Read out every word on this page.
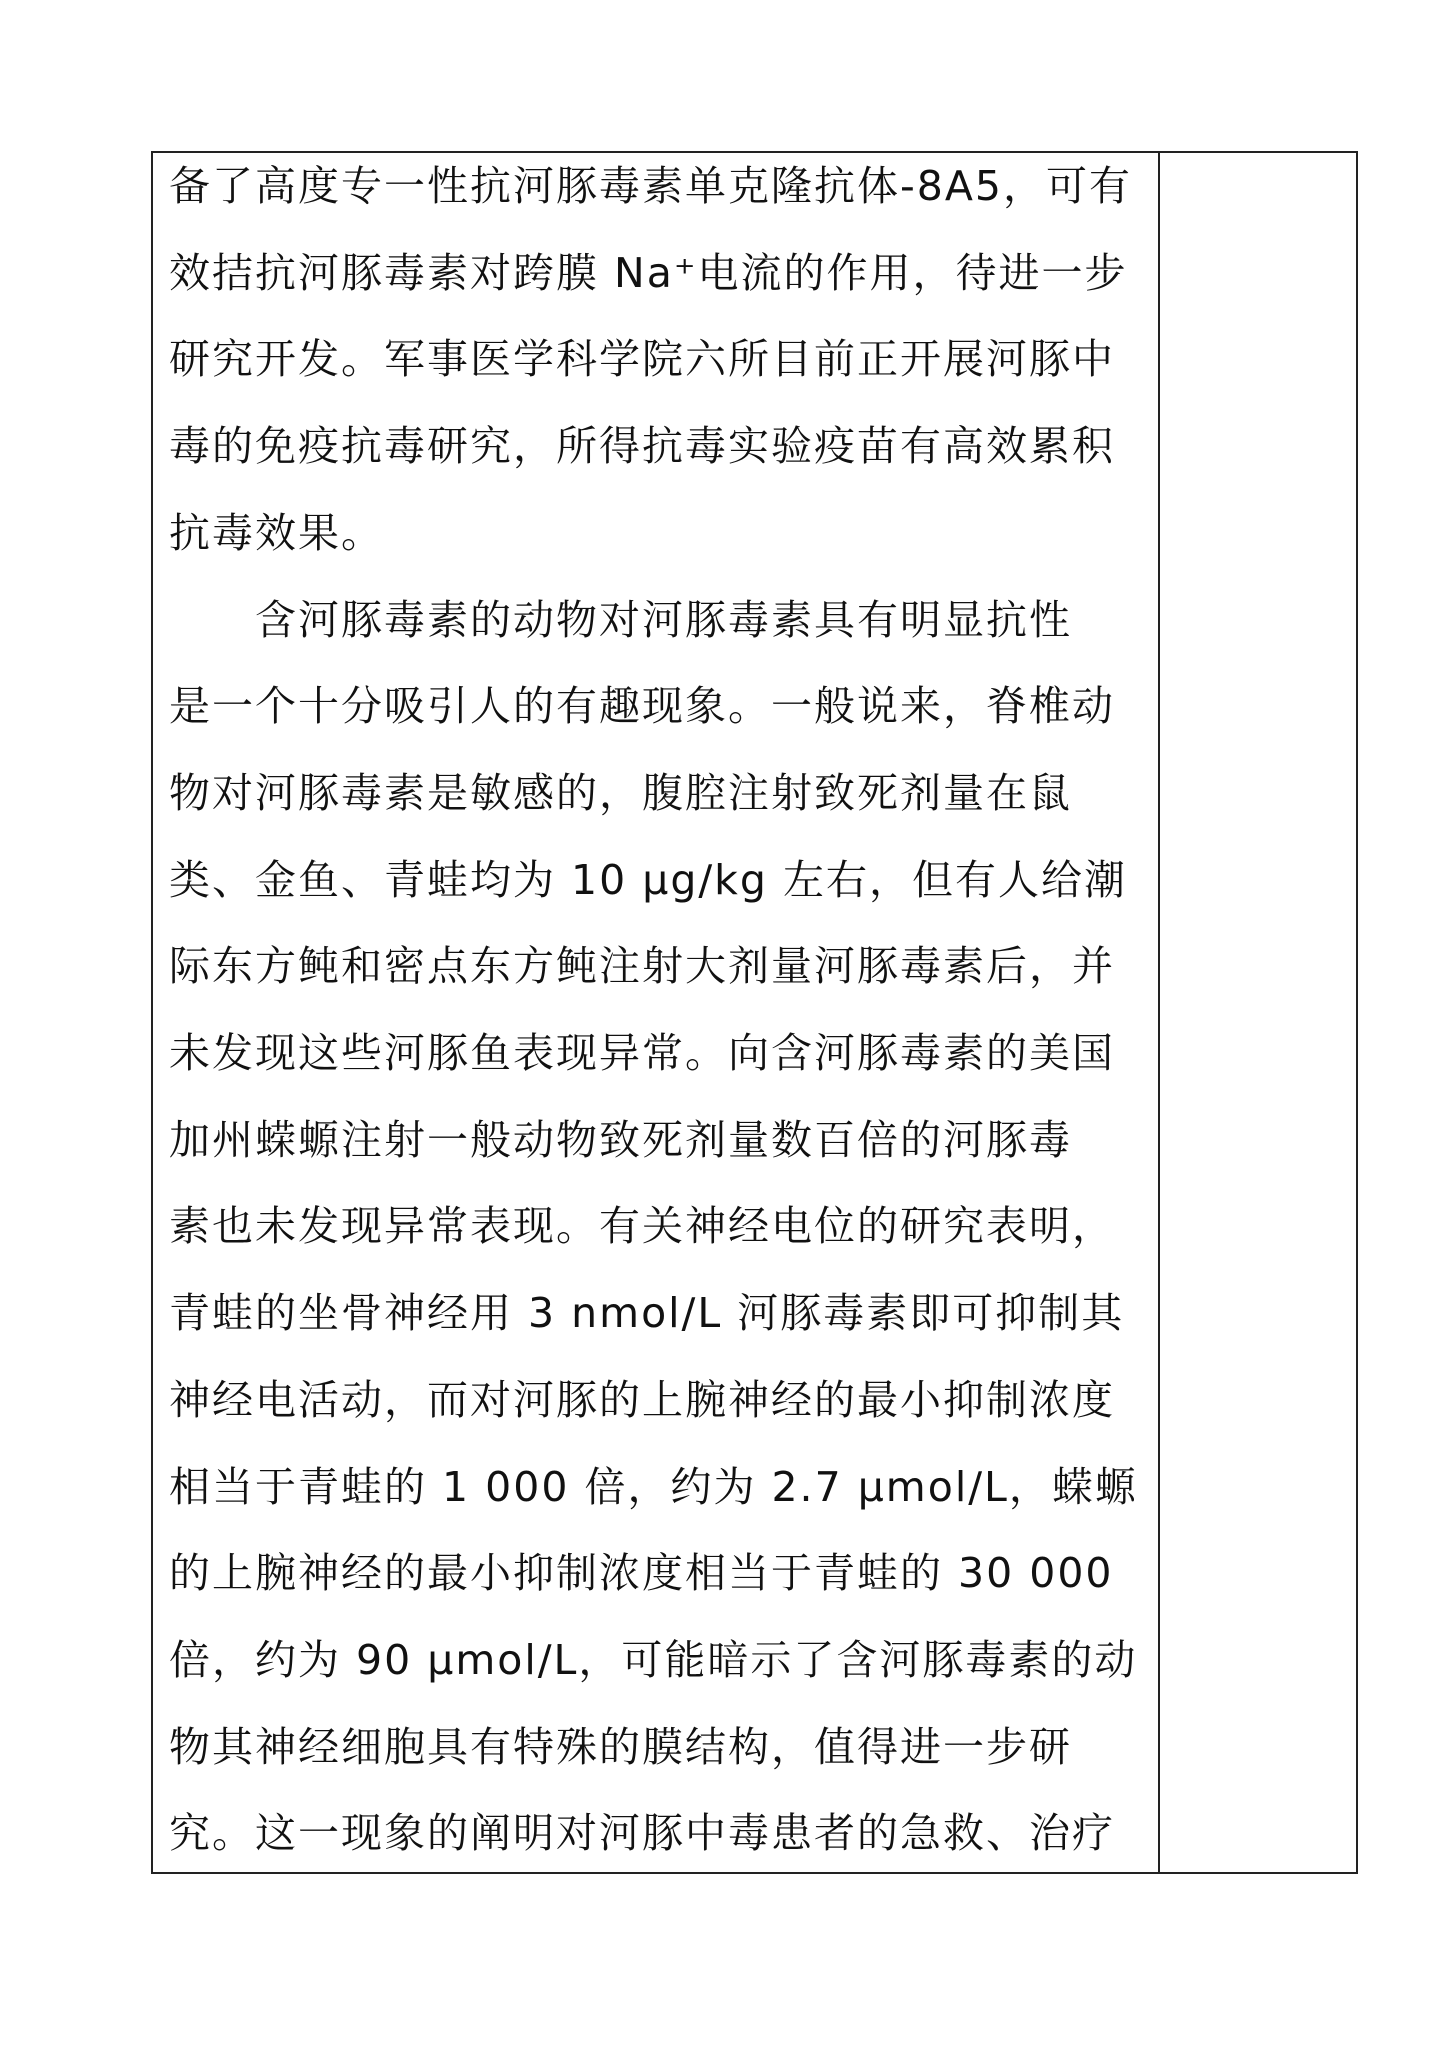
备了高度专一性抗河豚毒素单克隆抗体-8A5，可有
效拮抗河豚毒素对跨膜 Na⁺电流的作用，待进一步
研究开发。军事医学科学院六所目前正开展河豚中
毒的免疫抗毒研究，所得抗毒实验疫苗有高效累积
抗毒效果。
含河豚毒素的动物对河豚毒素具有明显抗性
是一个十分吸引人的有趣现象。一般说来，脊椎动
物对河豚毒素是敏感的，腹腔注射致死剂量在鼠
类、金鱼、青蛙均为 10 μg/kg 左右，但有人给潮
际东方鲀和密点东方鲀注射大剂量河豚毒素后，并
未发现这些河豚鱼表现异常。向含河豚毒素的美国
加州蝾螈注射一般动物致死剂量数百倍的河豚毒
素也未发现异常表现。有关神经电位的研究表明，
青蛙的坐骨神经用 3 nmol/L 河豚毒素即可抑制其
神经电活动，而对河豚的上腕神经的最小抑制浓度
相当于青蛙的 1 000 倍，约为 2.7 μmol/L，蝾螈
的上腕神经的最小抑制浓度相当于青蛙的 30 000
倍，约为 90 μmol/L，可能暗示了含河豚毒素的动
物其神经细胞具有特殊的膜结构，值得进一步研
究。这一现象的阐明对河豚中毒患者的急救、治疗
